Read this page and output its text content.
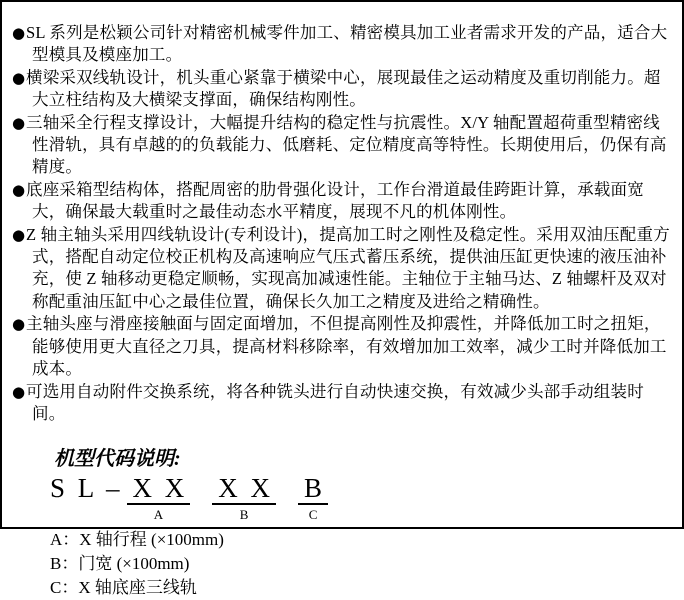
●SL 系列是松颖公司针对精密机械零件加工、精密模具加工业者需求开发的产品，适合大型模具及模座加工。

●横梁采双线轨设计，机头重心紧靠于横梁中心，展现最佳之运动精度及重切削能力。超大立柱结构及大横梁支撑面，确保结构刚性。

●三轴采全行程支撑设计，大幅提升结构的稳定性与抗震性。X/Y 轴配置超荷重型精密线性滑轨，具有卓越的的负载能力、低磨耗、定位精度高等特性。长期使用后，仍保有高精度。

●底座采箱型结构体，搭配周密的肋骨强化设计，工作台滑道最佳跨距计算，承载面宽大，确保最大载重时之最佳动态水平精度，展现不凡的机体刚性。

●Z 轴主轴头采用四线轨设计(专利设计)，提高加工时之刚性及稳定性。采用双油压配重方式，搭配自动定位校正机构及高速响应气压式蓄压系统，提供油压缸更快速的液压油补充，使 Z 轴移动更稳定顺畅，实现高加减速性能。主轴位于主轴马达、Z 轴螺杆及双对称配重油压缸中心之最佳位置，确保长久加工之精度及进给之精确性。

●主轴头座与滑座接触面与固定面增加，不但提高刚性及抑震性，并降低加工时之扭矩，能够使用更大直径之刀具，提高材料移除率，有效增加加工效率，减少工时并降低加工成本。

●可选用自动附件交换系统，将各种铣头进行自动快速交换，有效减少头部手动组装时间。

机型代码说明:
S L – X X
A
X X
B
B
C
A：X 轴行程 (×100mm)
B：门宽 (×100mm)
C：X 轴底座三线轨
